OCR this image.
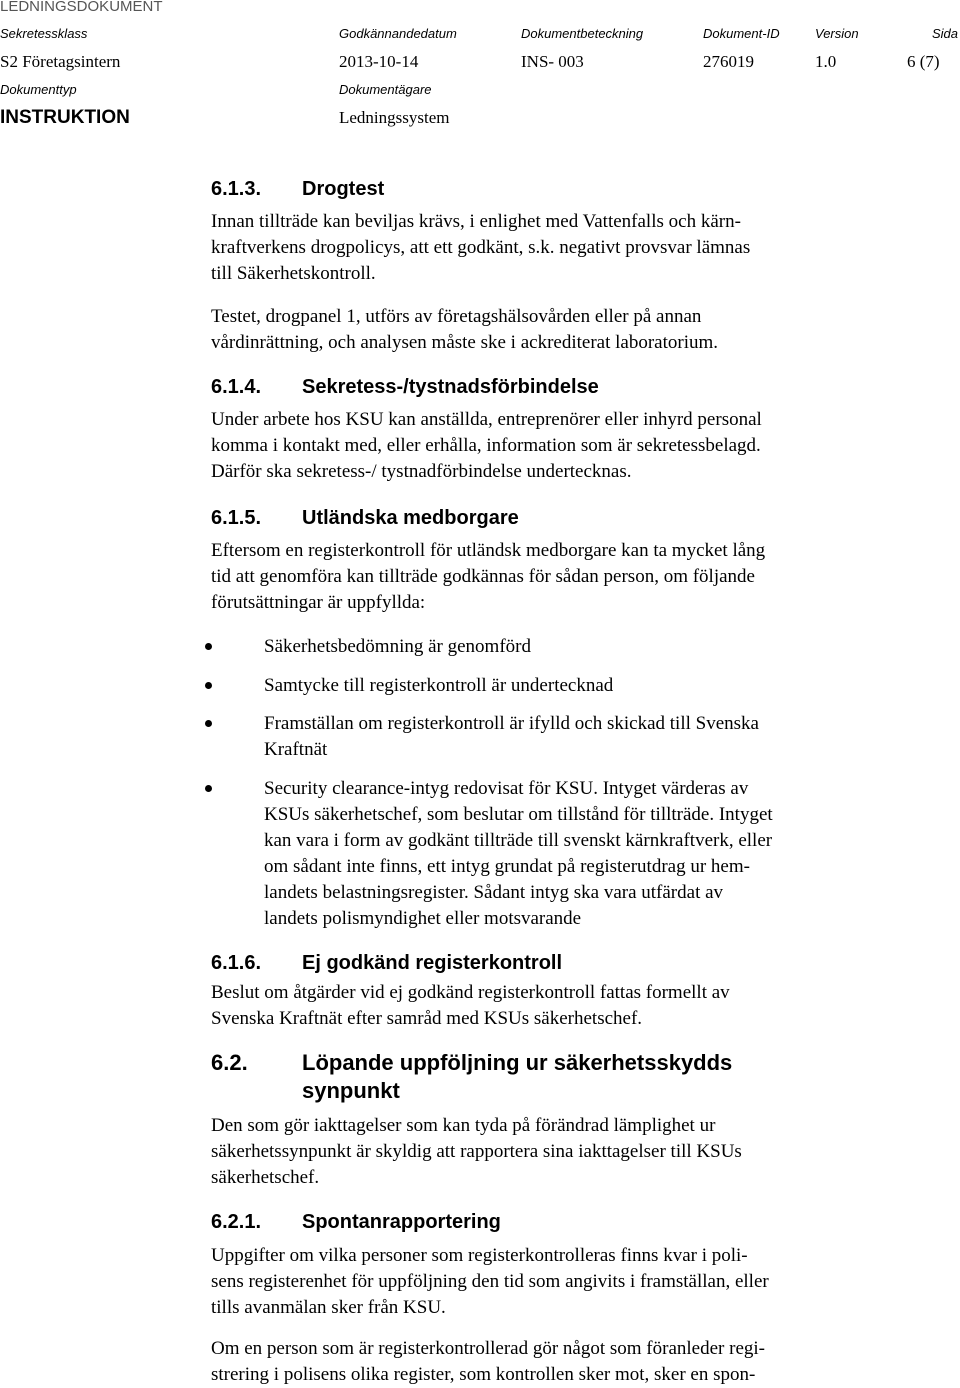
LEDNINGSDOKUMENT
Sekretessklass	Godkännandedatum	Dokumentbeteckning	Dokument-ID	Version	Sida
S2 Företagsintern	2013-10-14	INS- 003	276019	1.0	6 (7)
Dokumenttyp	Dokumentägare
INSTRUKTION	Ledningssystem
6.1.3. Drogtest
Innan tillträde kan beviljas krävs, i enlighet med Vattenfalls och kärn-
kraftverkens drogpolicys, att ett godkänt, s.k. negativt provsvar lämnas
till Säkerhetskontroll.
Testet, drogpanel 1, utförs av företagshälsovården eller på annan
vårdinrättning, och analysen måste ske i ackrediterat laboratorium.
6.1.4. Sekretess-/tystnadsförbindelse
Under arbete hos KSU kan anställda, entreprenörer eller inhyrd personal
komma i kontakt med, eller erhålla, information som är sekretessbelagd.
Därför ska sekretess-/ tystnadförbindelse undertecknas.
6.1.5. Utländska medborgare
Eftersom en registerkontroll för utländsk medborgare kan ta mycket lång
tid att genomföra kan tillträde godkännas för sådan person, om följande
förutsättningar är uppfyllda:
Säkerhetsbedömning är genomförd
Samtycke till registerkontroll är undertecknad
Framställan om registerkontroll är ifylld och skickad till Svenska
Kraftnät
Security clearance-intyg redovisat för KSU. Intyget värderas av
KSUs säkerhetschef, som beslutar om tillstånd för tillträde. Intyget
kan vara i form av godkänt tillträde till svenskt kärnkraftverk, eller
om sådant inte finns, ett intyg grundat på registerutdrag ur hem-
landets belastningsregister. Sådant intyg ska vara utfärdat av
landets polismyndighet eller motsvarande
6.1.6. Ej godkänd registerkontroll
Beslut om åtgärder vid ej godkänd registerkontroll fattas formellt av
Svenska Kraftnät efter samråd med KSUs säkerhetschef.
6.2. Löpande uppföljning ur säkerhetsskydds
synpunkt
Den som gör iakttagelser som kan tyda på förändrad lämplighet ur
säkerhetssynpunkt är skyldig att rapportera sina iakttagelser till KSUs
säkerhetschef.
6.2.1. Spontanrapportering
Uppgifter om vilka personer som registerkontrolleras finns kvar i poli-
sens registerenhet för uppföljning den tid som angivits i framställan, eller
tills avanmälan sker från KSU.
Om en person som är registerkontrollerad gör något som föranleder regi-
strering i polisens olika register, som kontrollen sker mot, sker en spon-
